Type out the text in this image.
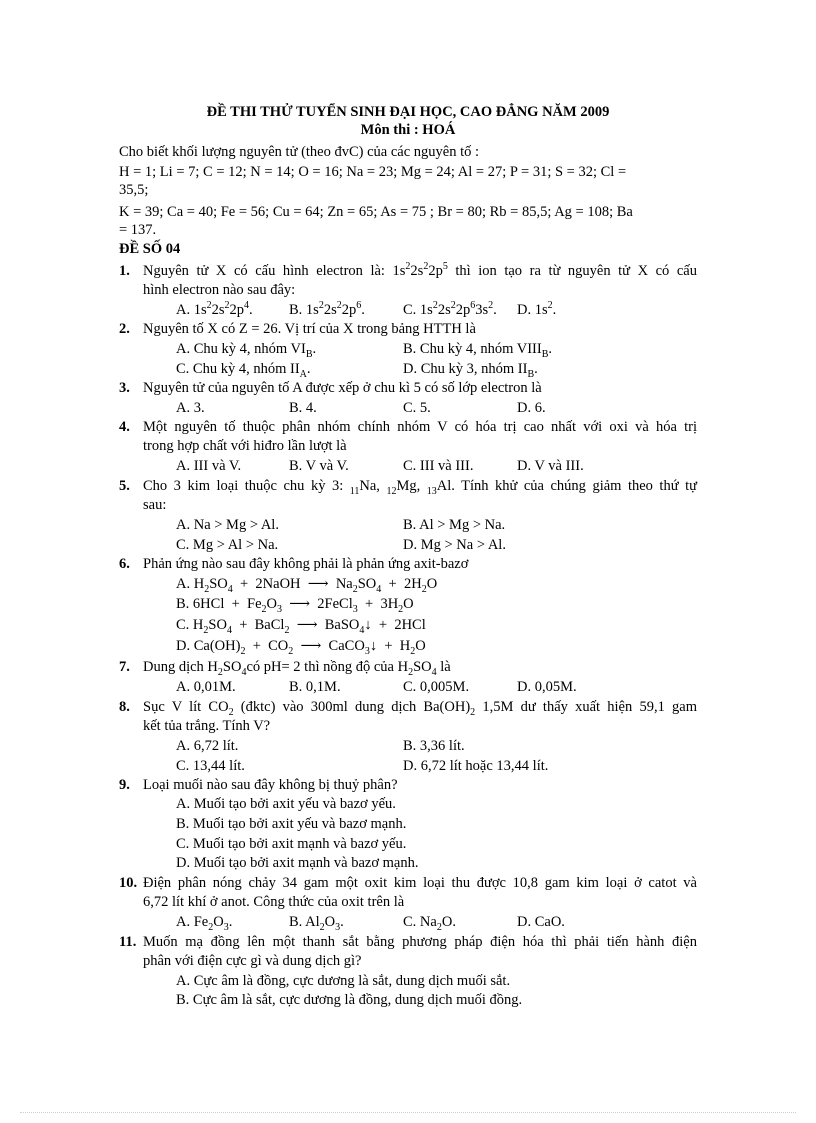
ĐỀ THI THỬ TUYỂN SINH ĐẠI HỌC, CAO ĐẲNG NĂM 2009
Môn thi : HOÁ
Cho biết khối lượng nguyên tử (theo đvC) của các nguyên tố :
H = 1; Li = 7; C = 12; N = 14; O = 16; Na = 23; Mg = 24; Al = 27; P = 31; S = 32; Cl =
35,5;
K = 39; Ca = 40; Fe = 56; Cu = 64; Zn = 65; As = 75 ; Br = 80; Rb = 85,5; Ag = 108; Ba
= 137.
ĐỀ SỐ 04
1. Nguyên tử X có cấu hình electron là: $1s^22s^22p^5$ thì ion tạo ra từ nguyên tử X có cấu
hình electron nào sau đây:
A. $1s^22s^22p^4$.	B. $1s^22s^22p^6$.	C. $1s^22s^22p^63s^2$. D. $1s^2$.
2. Nguyên tố X có Z = 26. Vị trí của X trong bảng HTTH là
A. Chu kỳ 4, nhóm $VI_B$.	B. Chu kỳ 4, nhóm $VIII_B$.
C. Chu kỳ 4, nhóm $II_A$.	D. Chu kỳ 3, nhóm $II_B$.
3. Nguyên tử của nguyên tố A được xếp ở chu kì 5 có số lớp electron là
A. 3.	B. 4.	C. 5.	D. 6.
4. Một nguyên tố thuộc phân nhóm chính nhóm V có hóa trị cao nhất với oxi và hóa trị
trong hợp chất với hiđro lần lượt là
A. III và V.	B. V và V.	C. III và III.	D. V và III.
5. Cho 3 kim loại thuộc chu kỳ 3: $_{11}$Na, $_{12}$Mg, $_{13}$Al. Tính khử của chúng giảm theo thứ tự
sau:
A. Na > Mg > Al.	B. Al > Mg > Na.
C. Mg > Al > Na.	D. Mg > Na > Al.
6. Phản ứng nào sau đây không phải là phản ứng axit-bazơ
A. $H_2SO_4$  +  2NaOH  ⟶  $Na_2SO_4 + 2H_2O$
B. $6HCl + Fe_2O_3$  ⟶  2FeCl$_3$  +  $3H_2O$
C. $H_2SO_4$  +  BaCl$_2$  ⟶  BaSO$_4$↓  +  2HCl
D. $Ca(OH)_2 + CO_2$  ⟶  CaCO$_3$↓  +  $H_2O$
7. Dung dịch $H_2SO_4có$ pH= 2 thì nồng độ của $H_2SO_4$ là
A. 0,01M.	B. 0,1M.	C. 0,005M.	D. 0,05M.
8. Sục V lít $CO_2$ (đktc) vào 300ml dung dịch $Ba(OH)_2$ 1,5M dư thấy xuất hiện 59,1 gam
kết tủa trắng. Tính V?
A. 6,72 lít.	B. 3,36 lít.
C. 13,44 lít.	D. 6,72 lít hoặc 13,44 lít.
9. Loại muối nào sau đây không bị thuỷ phân?
A. Muối tạo bởi axit yếu và bazơ yếu.
B. Muối tạo bởi axit yếu và bazơ mạnh.
C. Muối tạo bởi axit mạnh và bazơ yếu.
D. Muối tạo bởi axit mạnh và bazơ mạnh.
10. Điện phân nóng chảy 34 gam một oxit kim loại thu được 10,8 gam kim loại ở catot và
6,72 lít khí ở anot. Công thức của oxit trên là
A. $Fe_2O_3$.	B. $Al_2O_3$.	C. $Na_2O$.	D. CaO.
11. Muốn mạ đồng lên một thanh sắt bằng phương pháp điện hóa thì phải tiến hành điện
phân với điện cực gì và dung dịch gì?
A. Cực âm là đồng, cực dương là sắt, dung dịch muối sắt.
B. Cực âm là sắt, cực dương là đồng, dung dịch muối đồng.
